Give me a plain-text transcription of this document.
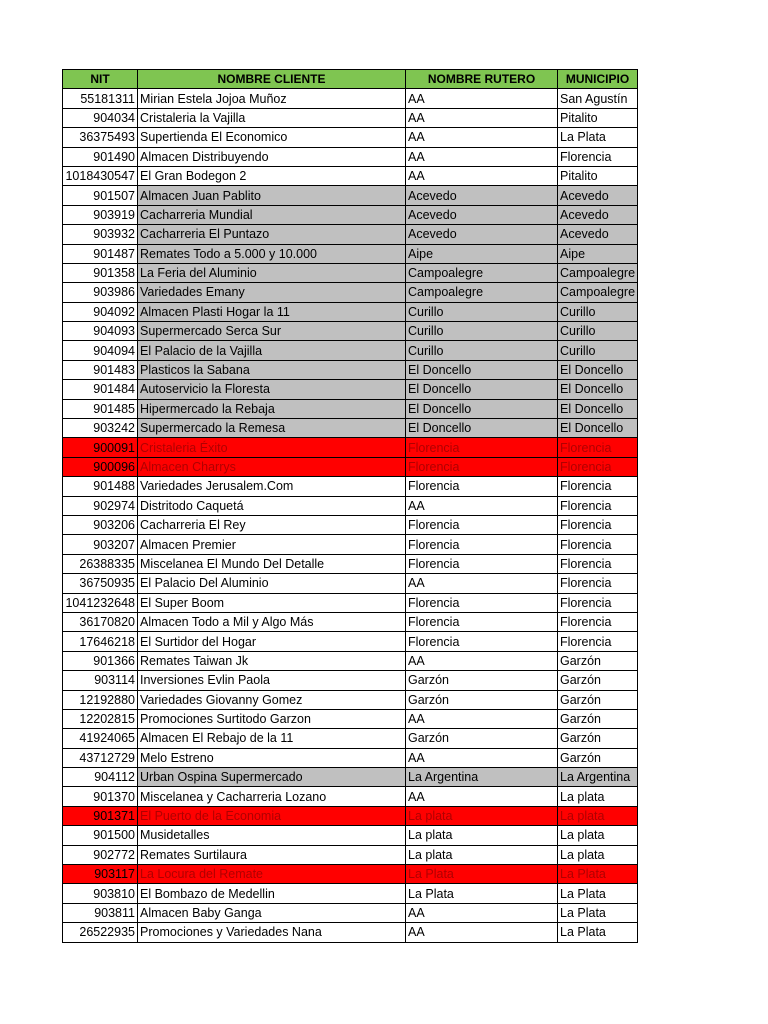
NIT	NOMBRE CLIENTE	NOMBRE RUTERO	MUNICIPIO
55181311	Mirian Estela Jojoa Muñoz	AA	San Agustín
904034	Cristaleria la Vajilla	AA	Pitalito
36375493	Supertienda El Economico	AA	La Plata
901490	Almacen Distribuyendo	AA	Florencia
1018430547	El Gran Bodegon 2	AA	Pitalito
901507	Almacen Juan Pablito	Acevedo	Acevedo
903919	Cacharreria Mundial	Acevedo	Acevedo
903932	Cacharreria El Puntazo	Acevedo	Acevedo
901487	Remates Todo a 5.000 y 10.000	Aipe	Aipe
901358	La Feria del Aluminio	Campoalegre	Campoalegre
903986	Variedades Emany	Campoalegre	Campoalegre
904092	Almacen Plasti Hogar la 11	Curillo	Curillo
904093	Supermercado Serca Sur	Curillo	Curillo
904094	El Palacio de la Vajilla	Curillo	Curillo
901483	Plasticos la Sabana	El Doncello	El Doncello
901484	Autoservicio la Floresta	El Doncello	El Doncello
901485	Hipermercado la Rebaja	El Doncello	El Doncello
903242	Supermercado la Remesa	El Doncello	El Doncello
900091	Cristaleria Éxito	Florencia	Florencia
900096	Almacen Charrys	Florencia	Florencia
901488	Variedades Jerusalem.Com	Florencia	Florencia
902974	Distritodo Caquetá	AA	Florencia
903206	Cacharreria El Rey	Florencia	Florencia
903207	Almacen Premier	Florencia	Florencia
26388335	Miscelanea El Mundo Del Detalle	Florencia	Florencia
36750935	El Palacio Del Aluminio	AA	Florencia
1041232648	El Super Boom	Florencia	Florencia
36170820	Almacen Todo a Mil y Algo Más	Florencia	Florencia
17646218	El Surtidor del Hogar	Florencia	Florencia
901366	Remates Taiwan Jk	AA	Garzón
903114	Inversiones Evlin Paola	Garzón	Garzón
12192880	Variedades Giovanny Gomez	Garzón	Garzón
12202815	Promociones Surtitodo Garzon	AA	Garzón
41924065	Almacen El Rebajo de la 11	Garzón	Garzón
43712729	Melo Estreno	AA	Garzón
904112	Urban Ospina Supermercado	La Argentina	La Argentina
901370	Miscelanea y Cacharreria Lozano	AA	La plata
901371	El Puerto de la Economia	La plata	La plata
901500	Musidetalles	La plata	La plata
902772	Remates Surtilaura	La plata	La plata
903117	La Locura del Remate	La Plata	La Plata
903810	El Bombazo de Medellin	La Plata	La Plata
903811	Almacen Baby Ganga	AA	La Plata
26522935	Promociones y Variedades Nana	AA	La Plata
